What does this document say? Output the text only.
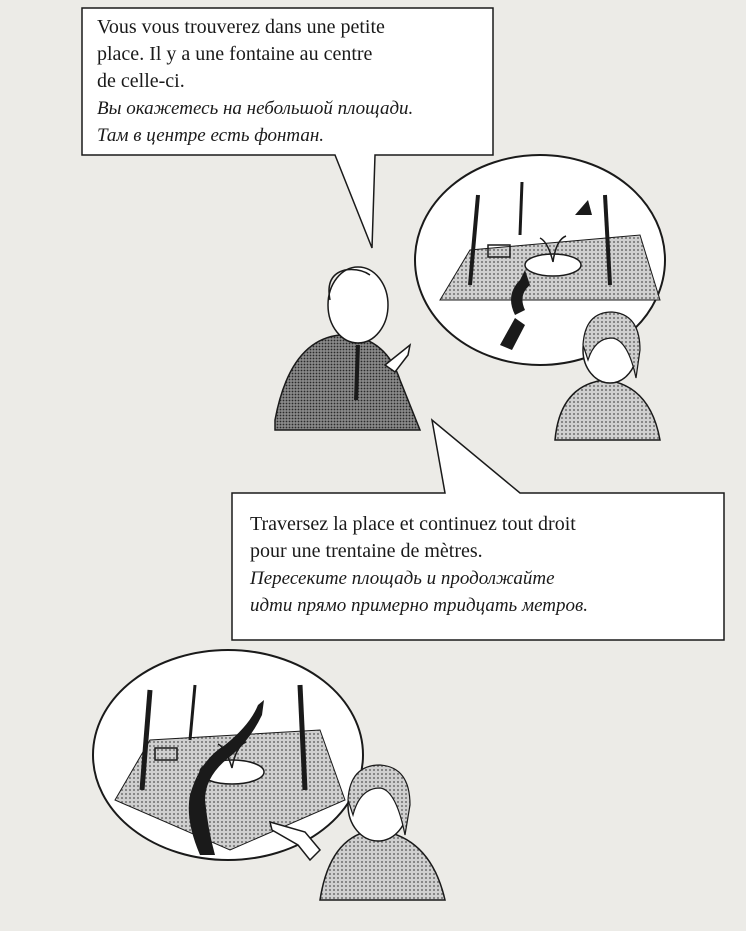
Vous vous trouverez dans une petite
place. Il y a une fontaine au centre
de celle-ci.
Вы окажетесь на небольшой площади.
Там в центре есть фонтан.
Traversez la place et continuez tout droit
pour une trentaine de mètres.
Пересеките площадь и продолжайте
идти прямо примерно тридцать метров.
